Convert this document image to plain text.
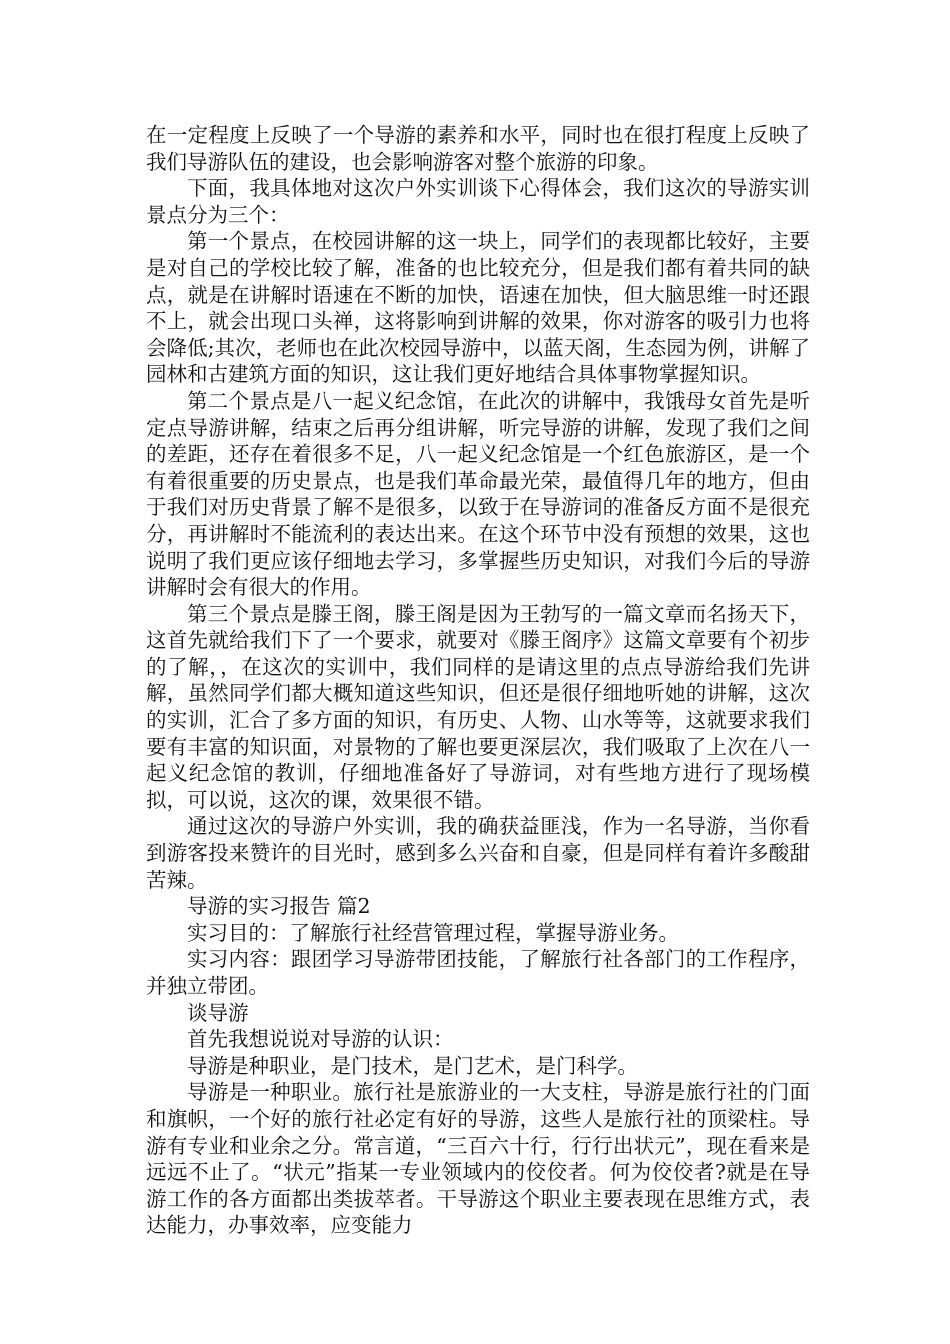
在一定程度上反映了一个导游的素养和水平，同时也在很打程度上反映了我们导游队伍的建设，也会影响游客对整个旅游的印象。

下面，我具体地对这次户外实训谈下心得体会，我们这次的导游实训景点分为三个：

第一个景点，在校园讲解的这一块上，同学们的表现都比较好，主要是对自己的学校比较了解，准备的也比较充分，但是我们都有着共同的缺点，就是在讲解时语速在不断的加快，语速在加快，但大脑思维一时还跟不上，就会出现口头禅，这将影响到讲解的效果，你对游客的吸引力也将会降低;其次，老师也在此次校园导游中，以蓝天阁，生态园为例，讲解了园林和古建筑方面的知识，这让我们更好地结合具体事物掌握知识。

第二个景点是八一起义纪念馆，在此次的讲解中，我饿母女首先是听定点导游讲解，结束之后再分组讲解，听完导游的讲解，发现了我们之间的差距，还存在着很多不足，八一起义纪念馆是一个红色旅游区，是一个有着很重要的历史景点，也是我们革命最光荣，最值得几年的地方，但由于我们对历史背景了解不是很多，以致于在导游词的准备反方面不是很充分，再讲解时不能流利的表达出来。在这个环节中没有预想的效果，这也说明了我们更应该仔细地去学习，多掌握些历史知识，对我们今后的导游讲解时会有很大的作用。

第三个景点是滕王阁，滕王阁是因为王勃写的一篇文章而名扬天下，这首先就给我们下了一个要求，就要对《滕王阁序》这篇文章要有个初步的了解，，在这次的实训中，我们同样的是请这里的点点导游给我们先讲解，虽然同学们都大概知道这些知识，但还是很仔细地听她的讲解，这次的实训，汇合了多方面的知识，有历史、人物、山水等等，这就要求我们要有丰富的知识面，对景物的了解也要更深层次，我们吸取了上次在八一起义纪念馆的教训，仔细地准备好了导游词，对有些地方进行了现场模拟，可以说，这次的课，效果很不错。

通过这次的导游户外实训，我的确获益匪浅，作为一名导游，当你看到游客投来赞许的目光时，感到多么兴奋和自豪，但是同样有着许多酸甜苦辣。

导游的实习报告 篇2

实习目的：了解旅行社经营管理过程，掌握导游业务。

实习内容：跟团学习导游带团技能，了解旅行社各部门的工作程序，并独立带团。

谈导游

首先我想说说对导游的认识：

导游是种职业，是门技术，是门艺术，是门科学。

导游是一种职业。旅行社是旅游业的一大支柱，导游是旅行社的门面和旗帜，一个好的旅行社必定有好的导游，这些人是旅行社的顶梁柱。导游有专业和业余之分。常言道，“三百六十行，行行出状元”，现在看来是远远不止了。“状元”指某一专业领域内的佼佼者。何为佼佼者?就是在导游工作的各方面都出类拔萃者。干导游这个职业主要表现在思维方式，表达能力，办事效率，应变能力
